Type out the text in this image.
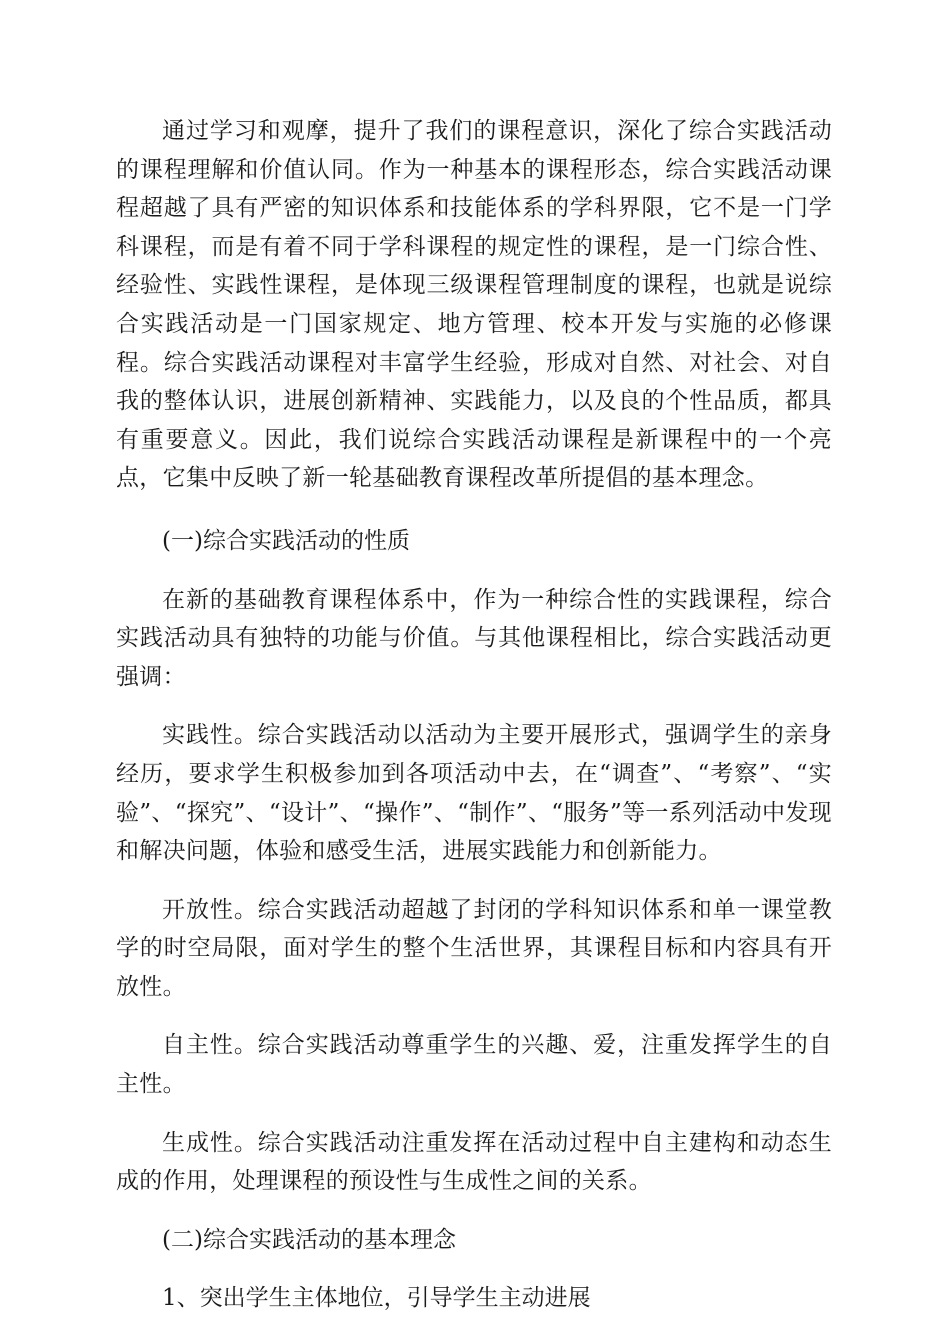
通过学习和观摩，提升了我们的课程意识，深化了综合实践活动的课程理解和价值认同。作为一种基本的课程形态，综合实践活动课程超越了具有严密的知识体系和技能体系的学科界限，它不是一门学科课程，而是有着不同于学科课程的规定性的课程，是一门综合性、经验性、实践性课程，是体现三级课程管理制度的课程，也就是说综合实践活动是一门国家规定、地方管理、校本开发与实施的必修课程。综合实践活动课程对丰富学生经验，形成对自然、对社会、对自我的整体认识，进展创新精神、实践能力，以及良的个性品质，都具有重要意义。因此，我们说综合实践活动课程是新课程中的一个亮点，它集中反映了新一轮基础教育课程改革所提倡的基本理念。

(一)综合实践活动的性质

在新的基础教育课程体系中，作为一种综合性的实践课程，综合实践活动具有独特的功能与价值。与其他课程相比，综合实践活动更强调：

实践性。综合实践活动以活动为主要开展形式，强调学生的亲身经历，要求学生积极参加到各项活动中去，在“调查”、“考察”、“实验”、“探究”、“设计”、“操作”、“制作”、“服务”等一系列活动中发现和解决问题，体验和感受生活，进展实践能力和创新能力。

开放性。综合实践活动超越了封闭的学科知识体系和单一课堂教学的时空局限，面对学生的整个生活世界，其课程目标和内容具有开放性。

自主性。综合实践活动尊重学生的兴趣、爱，注重发挥学生的自主性。

生成性。综合实践活动注重发挥在活动过程中自主建构和动态生成的作用，处理课程的预设性与生成性之间的关系。

(二)综合实践活动的基本理念

1、突出学生主体地位，引导学生主动进展
